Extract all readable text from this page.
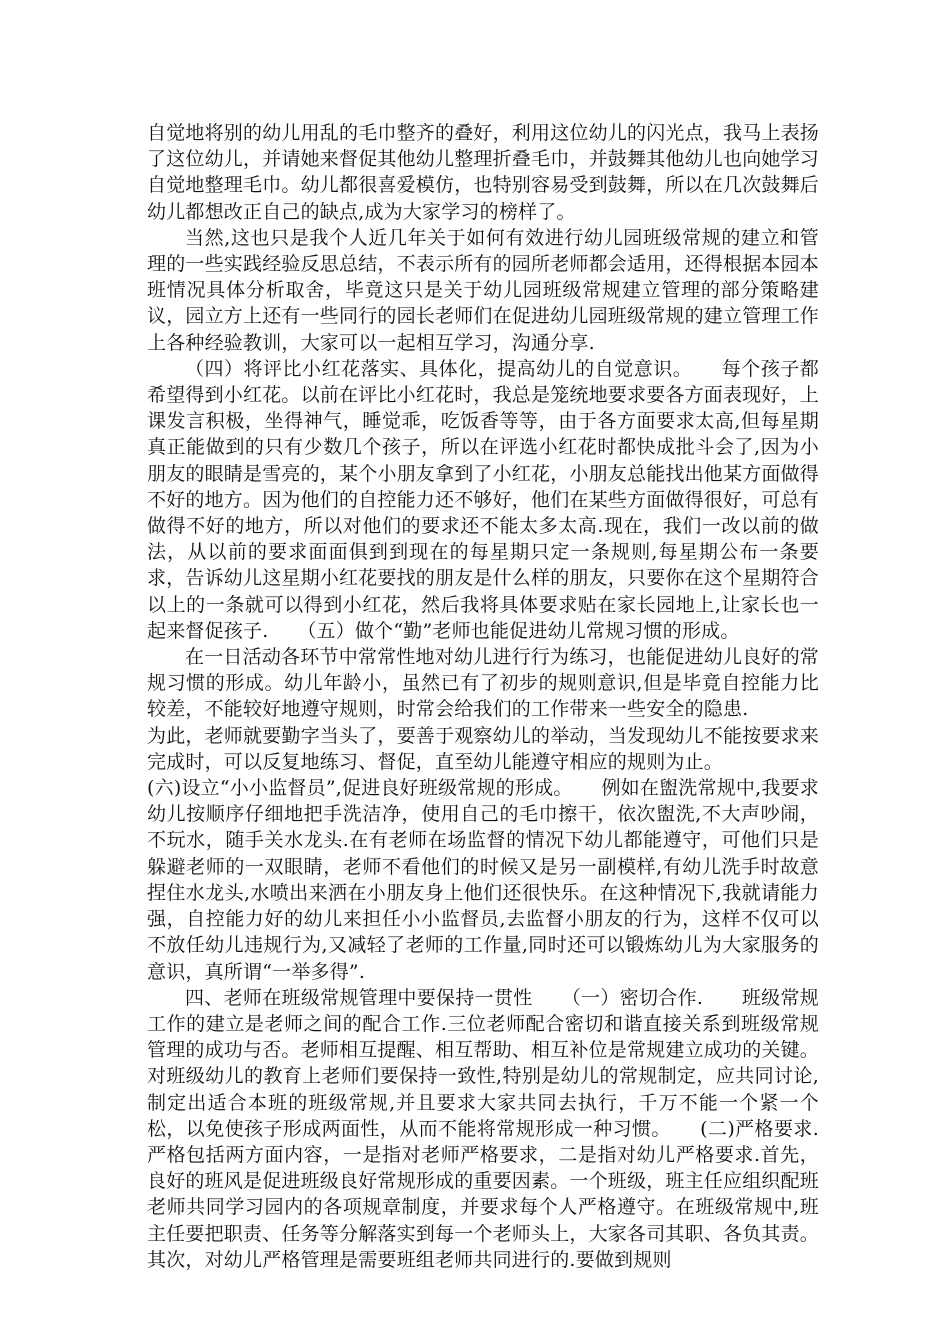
自觉地将别的幼儿用乱的毛巾整齐的叠好，利用这位幼儿的闪光点，我马上表扬了这位幼儿，并请她来督促其他幼儿整理折叠毛巾，并鼓舞其他幼儿也向她学习自觉地整理毛巾。幼儿都很喜爱模仿，也特别容易受到鼓舞，所以在几次鼓舞后幼儿都想改正自己的缺点,成为大家学习的榜样了。

当然,这也只是我个人近几年关于如何有效进行幼儿园班级常规的建立和管理的一些实践经验反思总结，不表示所有的园所老师都会适用，还得根据本园本班情况具体分析取舍，毕竟这只是关于幼儿园班级常规建立管理的部分策略建议，园立方上还有一些同行的园长老师们在促进幼儿园班级常规的建立管理工作上各种经验教训，大家可以一起相互学习，沟通分享.

（四）将评比小红花落实、具体化，提高幼儿的自觉意识。　　每个孩子都希望得到小红花。以前在评比小红花时，我总是笼统地要求要各方面表现好，上课发言积极，坐得神气，睡觉乖，吃饭香等等，由于各方面要求太高,但每星期真正能做到的只有少数几个孩子，所以在评选小红花时都快成批斗会了,因为小朋友的眼睛是雪亮的，某个小朋友拿到了小红花，小朋友总能找出他某方面做得不好的地方。因为他们的自控能力还不够好，他们在某些方面做得很好，可总有做得不好的地方，所以对他们的要求还不能太多太高.现在，我们一改以前的做法，从以前的要求面面俱到到现在的每星期只定一条规则,每星期公布一条要求，告诉幼儿这星期小红花要找的朋友是什么样的朋友，只要你在这个星期符合以上的一条就可以得到小红花，然后我将具体要求贴在家长园地上,让家长也一起来督促孩子.　　（五）做个“勤”老师也能促进幼儿常规习惯的形成。

在一日活动各环节中常常性地对幼儿进行行为练习，也能促进幼儿良好的常规习惯的形成。幼儿年龄小，虽然已有了初步的规则意识,但是毕竟自控能力比较差，不能较好地遵守规则，时常会给我们的工作带来一些安全的隐患.

为此，老师就要勤字当头了，要善于观察幼儿的举动，当发现幼儿不能按要求来完成时，可以反复地练习、督促，直至幼儿能遵守相应的规则为止。

(六)设立“小小监督员”,促进良好班级常规的形成。　　例如在盥洗常规中,我要求幼儿按顺序仔细地把手洗洁净，使用自己的毛巾擦干，依次盥洗,不大声吵闹，不玩水，随手关水龙头.在有老师在场监督的情况下幼儿都能遵守，可他们只是躲避老师的一双眼睛，老师不看他们的时候又是另一副模样,有幼儿洗手时故意捏住水龙头,水喷出来洒在小朋友身上他们还很快乐。在这种情况下,我就请能力强，自控能力好的幼儿来担任小小监督员,去监督小朋友的行为，这样不仅可以不放任幼儿违规行为,又减轻了老师的工作量,同时还可以锻炼幼儿为大家服务的意识，真所谓“一举多得”.

四、老师在班级常规管理中要保持一贯性　　（一）密切合作.　　班级常规工作的建立是老师之间的配合工作.三位老师配合密切和谐直接关系到班级常规管理的成功与否。老师相互提醒、相互帮助、相互补位是常规建立成功的关键。对班级幼儿的教育上老师们要保持一致性,特别是幼儿的常规制定，应共同讨论,制定出适合本班的班级常规,并且要求大家共同去执行，千万不能一个紧一个松，以免使孩子形成两面性，从而不能将常规形成一种习惯。　　(二)严格要求.　　严格包括两方面内容，一是指对老师严格要求，二是指对幼儿严格要求.首先，良好的班风是促进班级良好常规形成的重要因素。一个班级，班主任应组织配班老师共同学习园内的各项规章制度，并要求每个人严格遵守。在班级常规中,班主任要把职责、任务等分解落实到每一个老师头上，大家各司其职、各负其责。其次，对幼儿严格管理是需要班组老师共同进行的.要做到规则
